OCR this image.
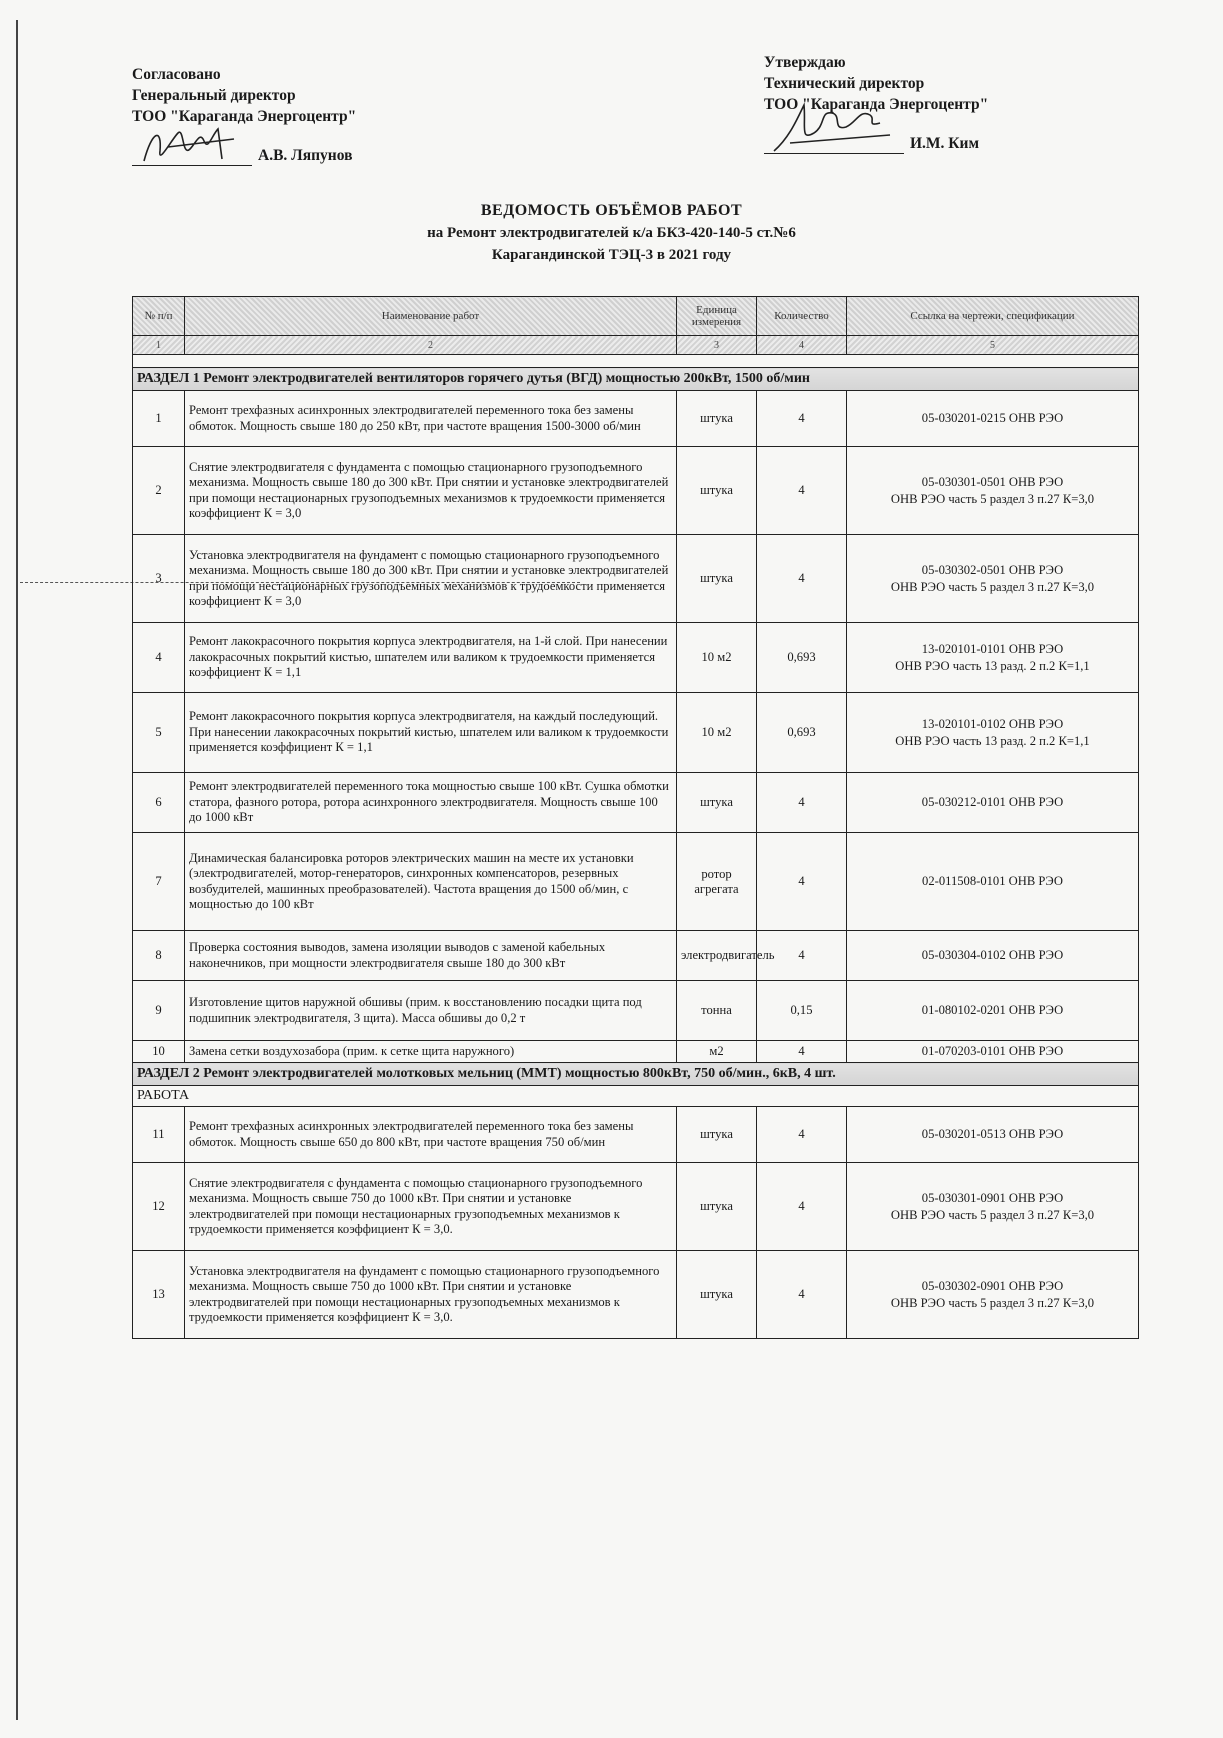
Согласовано
Генеральный директор
ТОО "Караганда Энергоцентр"
А.В. Ляпунов
Утверждаю
Технический директор
ТОО "Караганда Энергоцентр"
И.М. Ким
ВЕДОМОСТЬ ОБЪЁМОВ РАБОТ
на Ремонт электродвигателей к/а БКЗ-420-140-5 ст.№6
Карагандинской ТЭЦ-3 в 2021 году
№ п/п	Наименование работ	Единица измерения	Количество	Ссылка на чертежи, спецификации
1	2	3	4	5

РАЗДЕЛ 1 Ремонт электродвигателей вентиляторов горячего дутья (ВГД) мощностью 200кВт, 1500 об/мин				
1	Ремонт трехфазных асинхронных электродвигателей переменного тока без замены обмоток. Мощность свыше 180 до 250 кВт, при частоте вращения 1500-3000 об/мин	штука	4	05-030201-0215 ОНВ РЭО

2	Снятие электродвигателя с фундамента с помощью стационарного грузоподъемного механизма. Мощность свыше 180 до 300 кВт. При снятии и установке электродвигателей при помощи нестационарных грузоподъемных механизмов к трудоемкости применяется коэффициент К = 3,0	штука	4	05-030301-0501 ОНВ РЭО
ОНВ РЭО часть 5 раздел 3 п.27 К=3,0

3	Установка электродвигателя на фундамент с помощью стационарного грузоподъемного механизма. Мощность свыше 180 до 300 кВт. При снятии и установке электродвигателей при помощи нестационарных грузоподъемных механизмов к трудоемкости применяется коэффициент К = 3,0	штука	4	05-030302-0501 ОНВ РЭО
ОНВ РЭО часть 5 раздел 3 п.27 К=3,0

4	Ремонт лакокрасочного покрытия корпуса электродвигателя, на 1-й слой. При нанесении лакокрасочных покрытий кистью, шпателем или валиком к трудоемкости применяется коэффициент К = 1,1	10 м2	0,693	13-020101-0101 ОНВ РЭО
ОНВ РЭО часть 13 разд. 2 п.2 К=1,1

5	Ремонт лакокрасочного покрытия корпуса электродвигателя, на каждый последующий. При нанесении лакокрасочных покрытий кистью, шпателем или валиком к трудоемкости применяется коэффициент К = 1,1	10 м2	0,693	13-020101-0102 ОНВ РЭО
ОНВ РЭО часть 13 разд. 2 п.2 К=1,1

6	Ремонт электродвигателей переменного тока мощностью свыше 100 кВт. Сушка обмотки статора, фазного ротора, ротора асинхронного электродвигателя. Мощность свыше 100 до 1000 кВт	штука	4	05-030212-0101 ОНВ РЭО

7	Динамическая балансировка роторов электрических машин на месте их установки (электродвигателей, мотор-генераторов, синхронных компенсаторов, резервных возбудителей, машинных преобразователей). Частота вращения до 1500 об/мин, с мощностью до 100 кВт	ротор агрегата	4	02-011508-0101 ОНВ РЭО

8	Проверка состояния выводов, замена изоляции выводов с заменой кабельных наконечников, при мощности электродвигателя свыше 180 до 300 кВт	электродвигатель	4	05-030304-0102 ОНВ РЭО

9	Изготовление щитов наружной обшивы (прим. к восстановлению посадки щита под подшипник электродвигателя, 3 щита). Масса обшивы до 0,2 т	тонна	0,15	01-080102-0201 ОНВ РЭО

10	Замена сетки воздухозабора (прим. к сетке щита наружного)	м2	4	01-070203-0101 ОНВ РЭО

РАЗДЕЛ 2 Ремонт электродвигателей молотковых мельниц (ММТ) мощностью 800кВт, 750 об/мин., 6кВ, 4 шт.				
РАБОТА				
11	Ремонт трехфазных асинхронных электродвигателей переменного тока без замены обмоток. Мощность свыше 650 до 800 кВт, при частоте вращения 750 об/мин	штука	4	05-030201-0513 ОНВ РЭО

12	Снятие электродвигателя с фундамента с помощью стационарного грузоподъемного механизма. Мощность свыше 750 до 1000 кВт. При снятии и установке электродвигателей при помощи нестационарных грузоподъемных механизмов к трудоемкости применяется коэффициент К = 3,0.	штука	4	05-030301-0901 ОНВ РЭО
ОНВ РЭО часть 5 раздел 3 п.27 К=3,0

13	Установка электродвигателя на фундамент с помощью стационарного грузоподъемного механизма. Мощность свыше 750 до 1000 кВт. При снятии и установке электродвигателей при помощи нестационарных грузоподъемных механизмов к трудоемкости применяется коэффициент К = 3,0.	штука	4	05-030302-0901 ОНВ РЭО
ОНВ РЭО часть 5 раздел 3 п.27 К=3,0
